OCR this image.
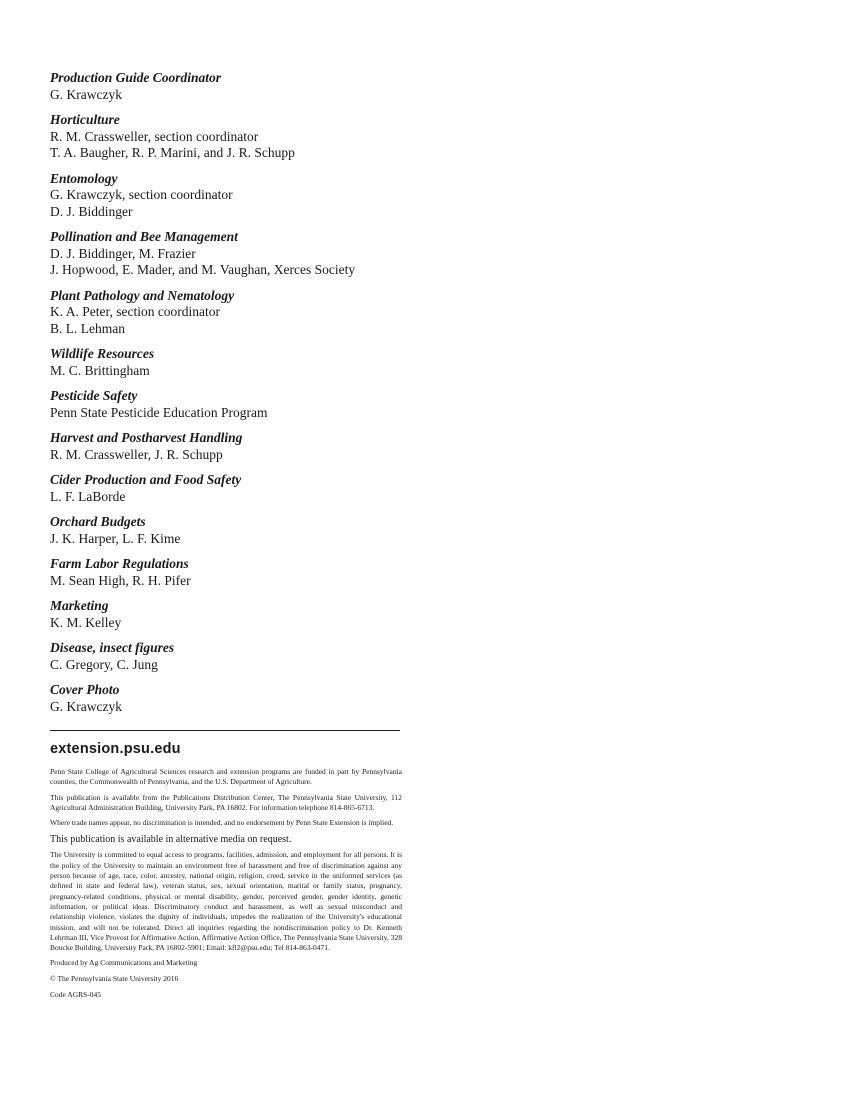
Production Guide Coordinator
G. Krawczyk
Horticulture
R. M. Crassweller, section coordinator
T. A. Baugher, R. P. Marini, and J. R. Schupp
Entomology
G. Krawczyk, section coordinator
D. J. Biddinger
Pollination and Bee Management
D. J. Biddinger, M. Frazier
J. Hopwood, E. Mader, and M. Vaughan, Xerces Society
Plant Pathology and Nematology
K. A. Peter, section coordinator
B. L. Lehman
Wildlife Resources
M. C. Brittingham
Pesticide Safety
Penn State Pesticide Education Program
Harvest and Postharvest Handling
R. M. Crassweller, J. R. Schupp
Cider Production and Food Safety
L. F. LaBorde
Orchard Budgets
J. K. Harper, L. F. Kime
Farm Labor Regulations
M. Sean High, R. H. Pifer
Marketing
K. M. Kelley
Disease, insect figures
C. Gregory, C. Jung
Cover Photo
G. Krawczyk
extension.psu.edu
Penn State College of Agricultural Sciences research and extension programs are funded in part by Pennsylvania counties, the Commonwealth of Pennsylvania, and the U.S. Department of Agriculture.
This publication is available from the Publications Distribution Center, The Pennsylvania State University, 112 Agricultural Administration Building, University Park, PA 16802. For information telephone 814-865-6713.
Where trade names appear, no discrimination is intended, and no endorsement by Penn State Extension is implied.
This publication is available in alternative media on request.
The University is committed to equal access to programs, facilities, admission, and employment for all persons. It is the policy of the University to maintain an environment free of harassment and free of discrimination against any person because of age, race, color, ancestry, national origin, religion, creed, service in the uniformed services (as defined in state and federal law), veteran status, sex, sexual orientation, marital or family status, pregnancy, pregnancy-related conditions, physical or mental disability, gender, perceived gender, gender identity, genetic information, or political ideas. Discriminatory conduct and harassment, as well as sexual misconduct and relationship violence, violates the dignity of individuals, impedes the realization of the University's educational mission, and will not be tolerated. Direct all inquiries regarding the nondiscrimination policy to Dr. Kenneth Lehrman III, Vice Provost for Affirmative Action, Affirmative Action Office, The Pennsylvania State University, 328 Boucke Building, University Park, PA 16802-5901; Email: kfl2@psu.edu; Tel 814-863-0471.
Produced by Ag Communications and Marketing
© The Pennsylvania State University 2016
Code AGRS-045
